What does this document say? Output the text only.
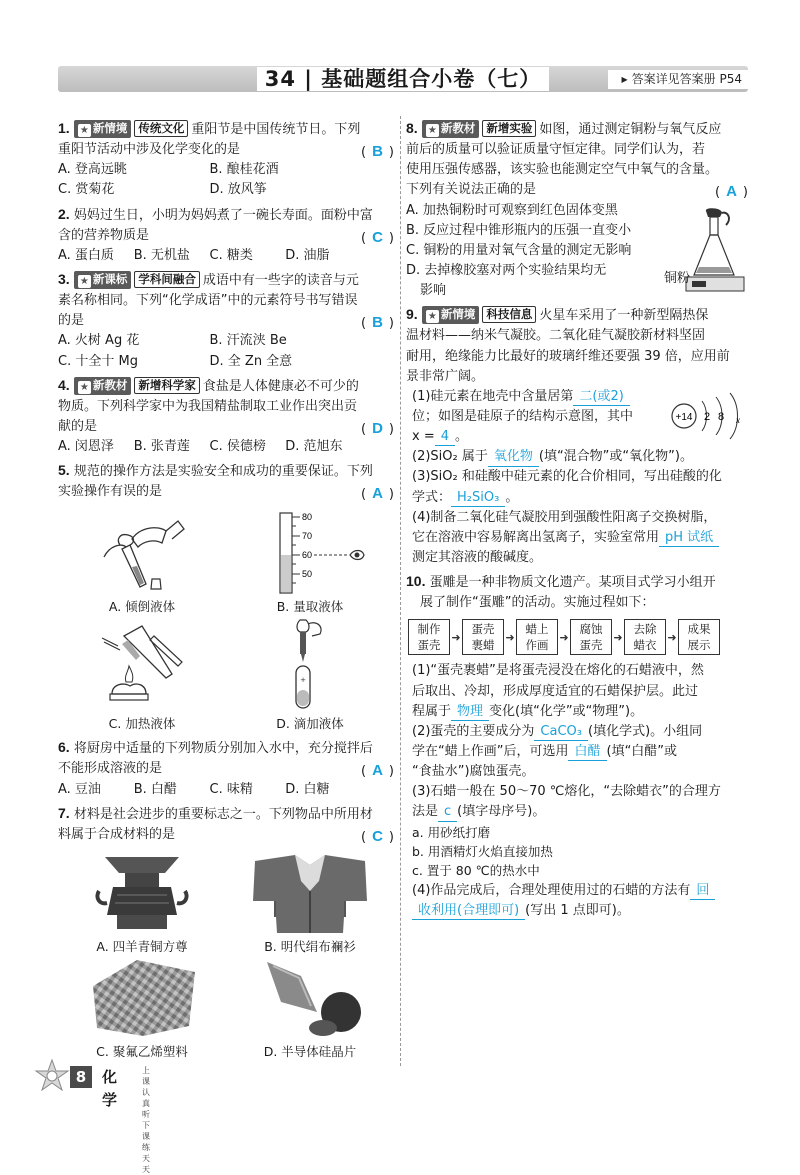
34 | 基础题组合小卷（七）
▶	答案详见答案册 P54
1. ★ 新情境 传统文化 重阳节是中国传统节日。下列
重阳节活动中涉及化学变化的是	( B )
A. 登高远眺	B. 酿桂花酒
C. 赏菊花	D. 放风筝
2. 妈妈过生日，小明为妈妈煮了一碗长寿面。面粉中富
含的营养物质是	( C )
A. 蛋白质	B. 无机盐	C. 糖类	D. 油脂
3. ★ 新课标 学科间融合 成语中有一些字的读音与元
素名称相同。下列“化学成语”中的元素符号书写错误
的是	( B )
A. 火树 Ag 花	B. 汗流浃 Be
C. 十全十 Mg	D. 全 Zn 全意
4. ★ 新教材 新增科学家 食盐是人体健康必不可少的
物质。下列科学家中为我国精盐制取工业作出突出贡
献的是	( D )
A. 闵恩泽	B. 张青莲	C. 侯德榜	D. 范旭东
5. 规范的操作方法是实验安全和成功的重要保证。下列
实验操作有误的是	( A )
A. 倾倒液体
80
70
60
50
B. 量取液体
C. 加热液体
+
D. 滴加液体
6. 将厨房中适量的下列物质分别加入水中，充分搅拌后
不能形成溶液的是	( A )
A. 豆油	B. 白醋	C. 味精	D. 白糖
7. 材料是社会进步的重要标志之一。下列物品中所用材
料属于合成材料的是	( C )
A. 四羊青铜方尊	B. 明代绢布襕衫
C. 聚氟乙烯塑料	D. 半导体硅晶片
8. ★ 新教材 新增实验 如图，通过测定铜粉与氧气反应
前后的质量可以验证质量守恒定律。同学们认为，若
使用压强传感器，该实验也能测定空气中氧气的含量。
下列有关说法正确的是	( A )
A. 加热铜粉时可观察到红色固体变黑
B. 反应过程中锥形瓶内的压强一直变小
C. 铜粉的用量对氧气含量的测定无影响
D. 去掉橡胶塞对两个实验结果均无
影响
铜粉
9. ★ 新情境 科技信息 火星车采用了一种新型隔热保
温材料——纳米气凝胶。二氧化硅气凝胶新材料坚固
耐用，绝缘能力比最好的玻璃纤维还要强 39 倍，应用前
景非常广阔。
(1)硅元素在地壳中含量居第 二(或2)
位；如图是硅原子的结构示意图，其中
x = 4 。
+14 2 8 x
(2)SiO₂ 属于 氧化物 (填“混合物”或“氧化物”)。
(3)SiO₂ 和硅酸中硅元素的化合价相同，写出硅酸的化
学式： H₂SiO₃ 。
(4)制备二氧化硅气凝胶用到强酸性阳离子交换树脂，
它在溶液中容易解离出氢离子，实验室常用 pH 试纸
测定其溶液的酸碱度。
10. 蛋雕是一种非物质文化遗产。某项目式学习小组开
展了制作“蛋雕”的活动。实施过程如下：
制作
蛋壳
➜
蛋壳
裹蜡
➜
蜡上
作画
➜
腐蚀
蛋壳
➜
去除
蜡衣
➜
成果
展示
(1)“蛋壳裹蜡”是将蛋壳浸没在熔化的石蜡液中，然
后取出、冷却，形成厚度适宜的石蜡保护层。此过
程属于 物理 变化(填“化学”或“物理”)。
(2)蛋壳的主要成分为 CaCO₃ (填化学式)。小组同
学在“蜡上作画”后，可选用 白醋 (填“白醋”或
“食盐水”)腐蚀蛋壳。
(3)石蜡一般在 50～70 ℃熔化，“去除蜡衣”的合理方
法是 c (填字母序号)。
a. 用砂纸打磨
b. 用酒精灯火焰直接加热
c. 置于 80 ℃的热水中
(4)作品完成后，合理处理使用过的石蜡的方法有 回
收利用(合理即可) (写出 1 点即可)。
8	化学
上课认真听
下课练天天
